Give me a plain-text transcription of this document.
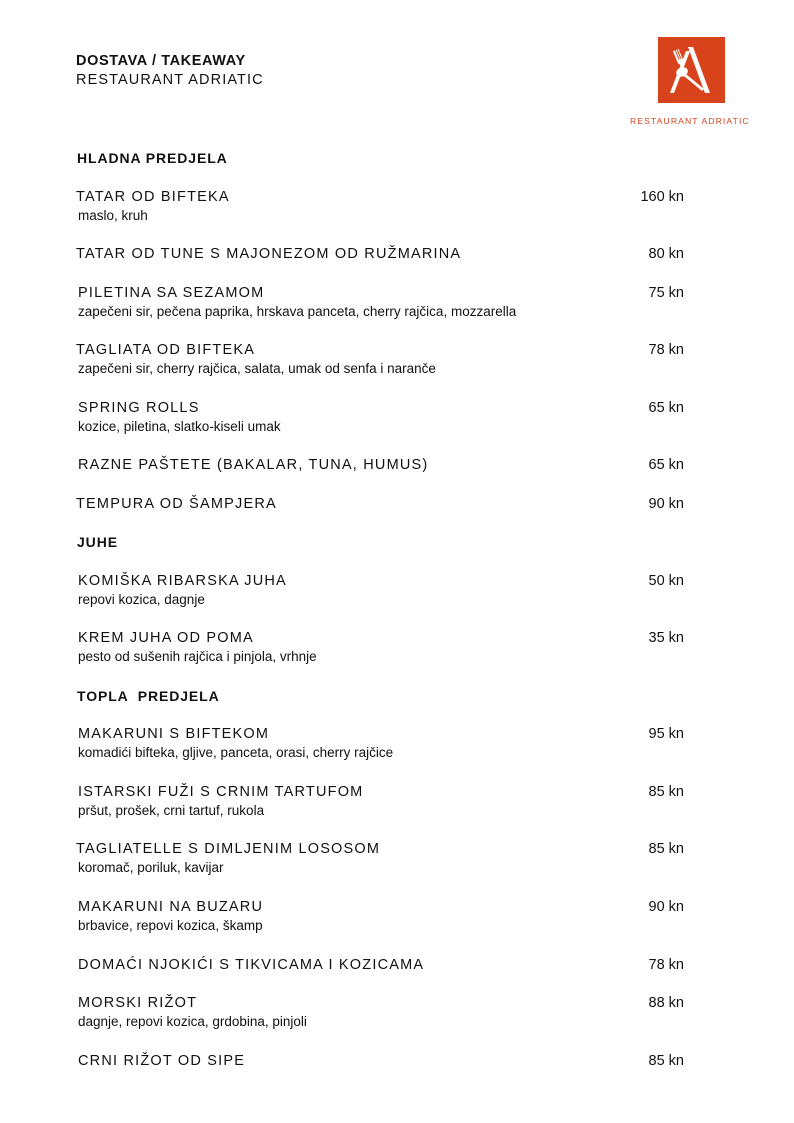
DOSTAVA / TAKEAWAY
RESTAURANT ADRIATIC
RESTAURANT ADRIATIC
HLADNA PREDJELA
TATAR OD BIFTEKA
maslo, kruh
160 kn
TATAR OD TUNE S MAJONEZOM OD RUŽMARINA	80 kn
PILETINA SA SEZAMOM
zapečeni sir, pečena paprika, hrskava panceta, cherry rajčica, mozzarella
75 kn
TAGLIATA OD BIFTEKA
zapečeni sir, cherry rajčica, salata, umak od senfa i naranče
78 kn
SPRING ROLLS
kozice, piletina, slatko-kiseli umak
65 kn
RAZNE PAŠTETE (BAKALAR, TUNA, HUMUS)	65 kn
TEMPURA OD ŠAMPJERA	90 kn
JUHE
KOMIŠKA RIBARSKA JUHA
repovi kozica, dagnje
50 kn
KREM JUHA OD POMA
pesto od sušenih rajčica i pinjola, vrhnje
35 kn
TOPLA  PREDJELA
MAKARUNI S BIFTEKOM
komadići bifteka, gljive, panceta, orasi, cherry rajčice
95 kn
ISTARSKI FUŽI S CRNIM TARTUFOM
pršut, prošek, crni tartuf, rukola
85 kn
TAGLIATELLE S DIMLJENIM LOSOSOM
koromač, poriluk, kavijar
85 kn
MAKARUNI NA BUZARU
brbavice, repovi kozica, škamp
90 kn
DOMAĆI NJOKIĆI S TIKVICAMA I KOZICAMA	78 kn
MORSKI RIŽOT
dagnje, repovi kozica, grdobina, pinjoli
88 kn
CRNI RIŽOT OD SIPE	85 kn
